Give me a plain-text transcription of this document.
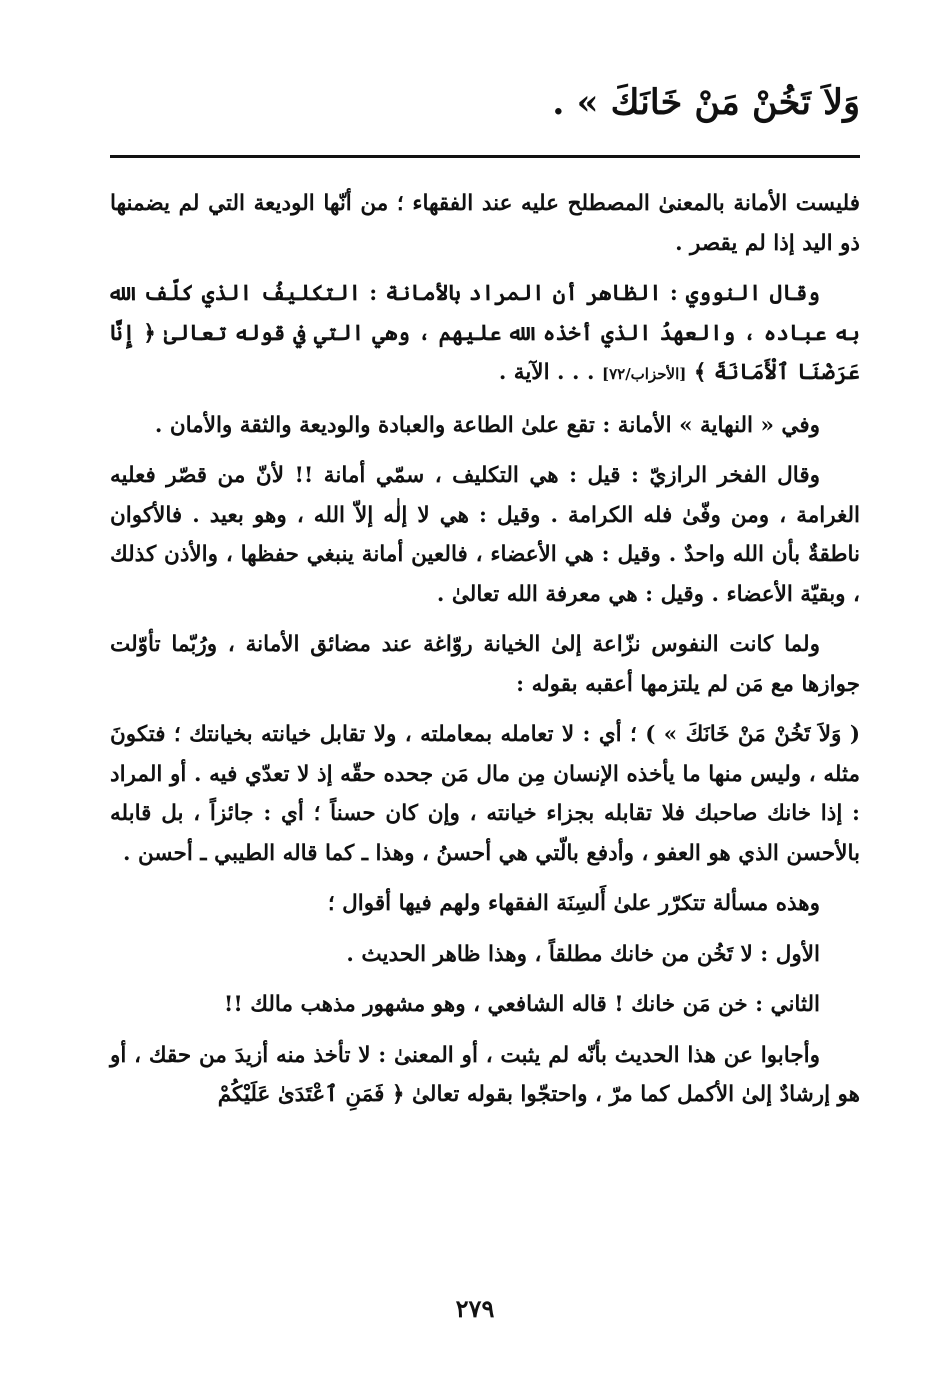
وَلاَ تَخُنْ مَنْ خَانَكَ » .

فليست الأمانة بالمعنىٰ المصطلح عليه عند الفقهاء ؛ من أنّها الوديعة التي لم يضمنها ذو اليد إذا لم يقصر .

وقال النووي : الظاهر أن المراد بالأمانة : التكليفُ الذي كلّف الله به عباده ، والعهدُ الذي أخذه الله عليهم ، وهي التي في قوله تعالىٰ ﴿ إِنَّا عَرَضْنَا ٱلْأَمَانَةَ ﴾ [الأحزاب/٧٢] . . . الآية .

وفي « النهاية » الأمانة : تقع علىٰ الطاعة والعبادة والوديعة والثقة والأمان .

وقال الفخر الرازيّ : قيل : هي التكليف ، سمّي أمانة !! لأنّ من قصّر فعليه الغرامة ، ومن وفّىٰ فله الكرامة . وقيل : هي لا إلٰه إلاّ الله ، وهو بعيد . فالأكوان ناطقةٌ بأن الله واحدٌ . وقيل : هي الأعضاء ، فالعين أمانة ينبغي حفظها ، والأذن كذلك ، وبقيّة الأعضاء . وقيل : هي معرفة الله تعالىٰ .

ولما كانت النفوس نزّاعة إلىٰ الخيانة روّاغة عند مضائق الأمانة ، ورُبّما تأوّلت جوازها مع مَن لم يلتزمها أعقبه بقوله :

( وَلاَ تَخُنْ مَنْ خَانَكَ » ) ؛ أي : لا تعامله بمعاملته ، ولا تقابل خيانته بخيانتك ؛ فتكونَ مثله ، وليس منها ما يأخذه الإنسان مِن مال مَن جحده حقّه إذ لا تعدّي فيه . أو المراد : إذا خانك صاحبك فلا تقابله بجزاء خيانته ، وإن كان حسناً ؛ أي : جائزاً ، بل قابله بالأحسن الذي هو العفو ، وأدفع بالّتي هي أحسنُ ، وهذا ـ كما قاله الطيبي ـ أحسن .

وهذه مسألة تتكرّر علىٰ أَلسِنَة الفقهاء ولهم فيها أقوال ؛

الأول : لا تَخُن من خانك مطلقاً ، وهذا ظاهر الحديث .

الثاني : خن مَن خانك ! قاله الشافعي ، وهو مشهور مذهب مالك !!

وأجابوا عن هذا الحديث بأنّه لم يثبت ، أو المعنىٰ : لا تأخذ منه أزيدَ من حقك ، أو هو إرشادٌ إلىٰ الأكمل كما مرّ ، واحتجّوا بقوله تعالىٰ ﴿ فَمَنِ ٱعْتَدَىٰ عَلَيْكُمْ

٢٧٩
